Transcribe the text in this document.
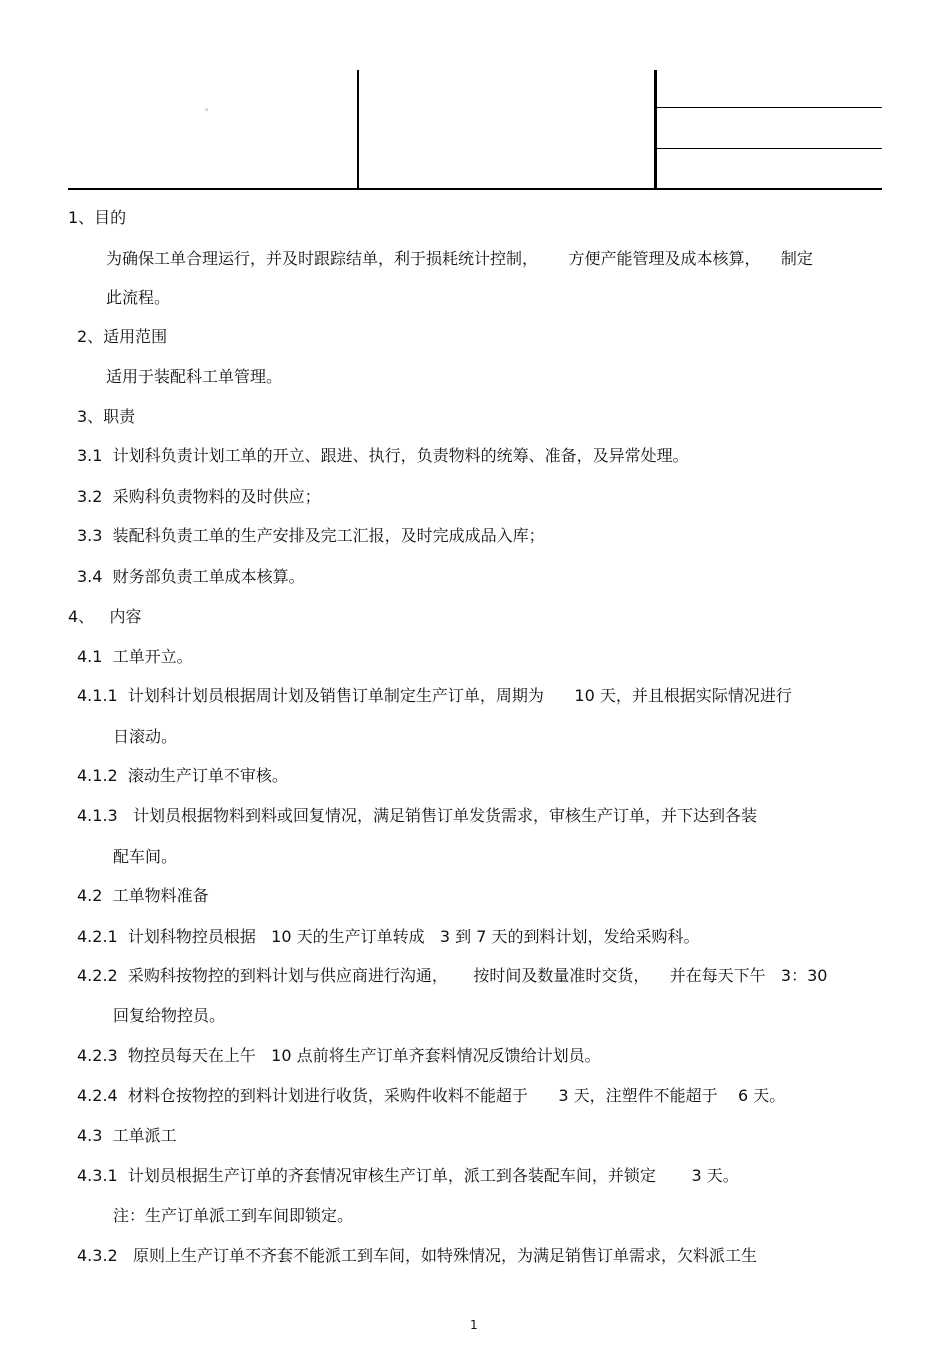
。
1、目的
为确保工单合理运行，并及时跟踪结单，利于损耗统计控制，      方便产能管理及成本核算，    制定
此流程。
2、适用范围
适用于装配科工单管理。
3、职责
3.1  计划科负责计划工单的开立、跟进、执行，负责物料的统筹、准备，及异常处理。
3.2  采购科负责物料的及时供应；
3.3  装配科负责工单的生产安排及完工汇报，及时完成成品入库；
3.4  财务部负责工单成本核算。
4、   内容
4.1  工单开立。
4.1.1  计划科计划员根据周计划及销售订单制定生产订单，周期为      10 天，并且根据实际情况进行
日滚动。
4.1.2  滚动生产订单不审核。
4.1.3   计划员根据物料到料或回复情况，满足销售订单发货需求，审核生产订单，并下达到各装
配车间。
4.2  工单物料准备
4.2.1  计划科物控员根据   10 天的生产订单转成   3 到 7 天的到料计划，发给采购科。
4.2.2  采购科按物控的到料计划与供应商进行沟通，     按时间及数量准时交货，    并在每天下午   3：30
回复给物控员。
4.2.3  物控员每天在上午   10 点前将生产订单齐套料情况反馈给计划员。
4.2.4  材料仓按物控的到料计划进行收货，采购件收料不能超于      3 天，注塑件不能超于    6 天。
4.3  工单派工
4.3.1  计划员根据生产订单的齐套情况审核生产订单，派工到各装配车间，并锁定       3 天。
注：生产订单派工到车间即锁定。
4.3.2   原则上生产订单不齐套不能派工到车间，如特殊情况，为满足销售订单需求，欠料派工生
1
